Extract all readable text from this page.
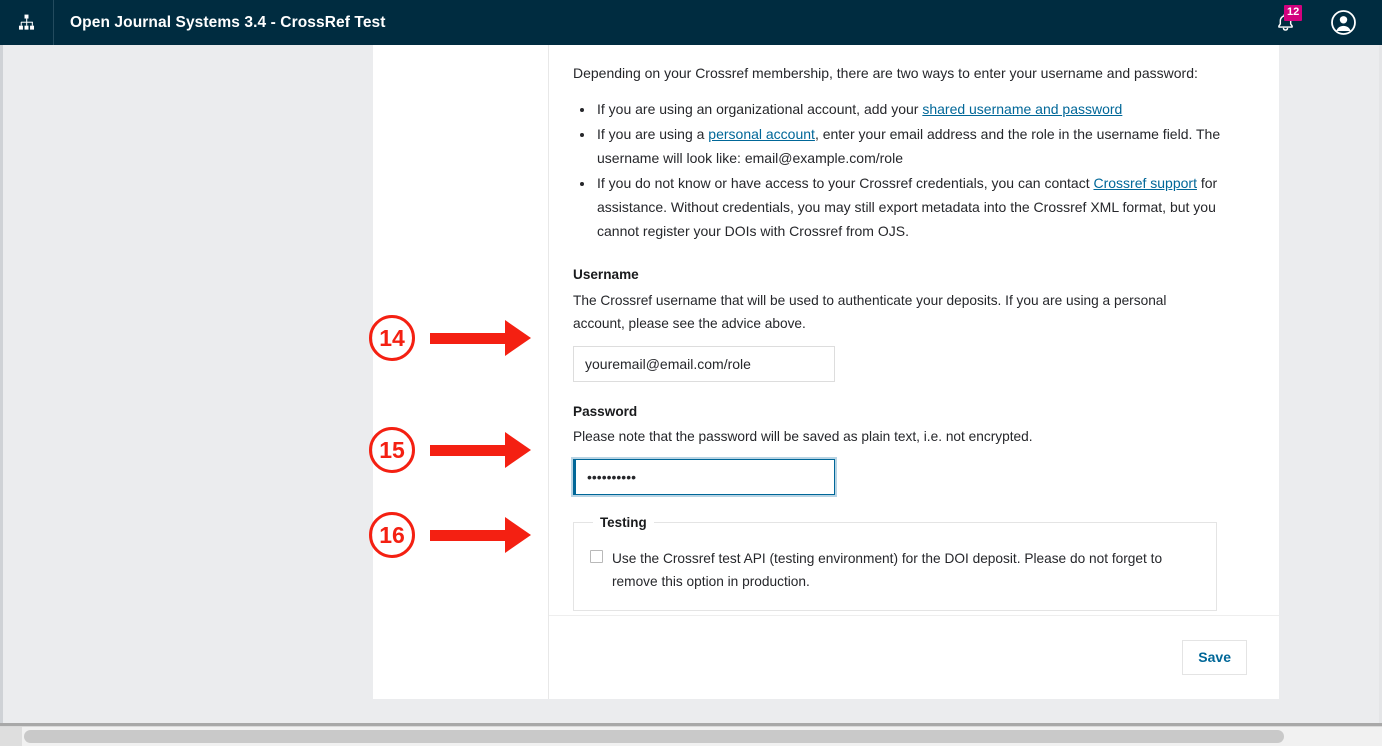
Open Journal Systems 3.4 - CrossRef Test
12

Depending on your Crossref membership, there are two ways to enter your username and password:

• If you are using an organizational account, add your shared username and password
• If you are using a personal account, enter your email address and the role in the username field. The username will look like: email@example.com/role
• If you do not know or have access to your Crossref credentials, you can contact Crossref support for assistance. Without credentials, you may still export metadata into the Crossref XML format, but you cannot register your DOIs with Crossref from OJS.
Username
The Crossref username that will be used to authenticate your deposits. If you are using a personal account, please see the advice above.
youremail@email.com/role
Password
Please note that the password will be saved as plain text, i.e. not encrypted.
••••••••••
Testing
Use the Crossref test API (testing environment) for the DOI deposit. Please do not forget to remove this option in production.
Save
14
15
16
